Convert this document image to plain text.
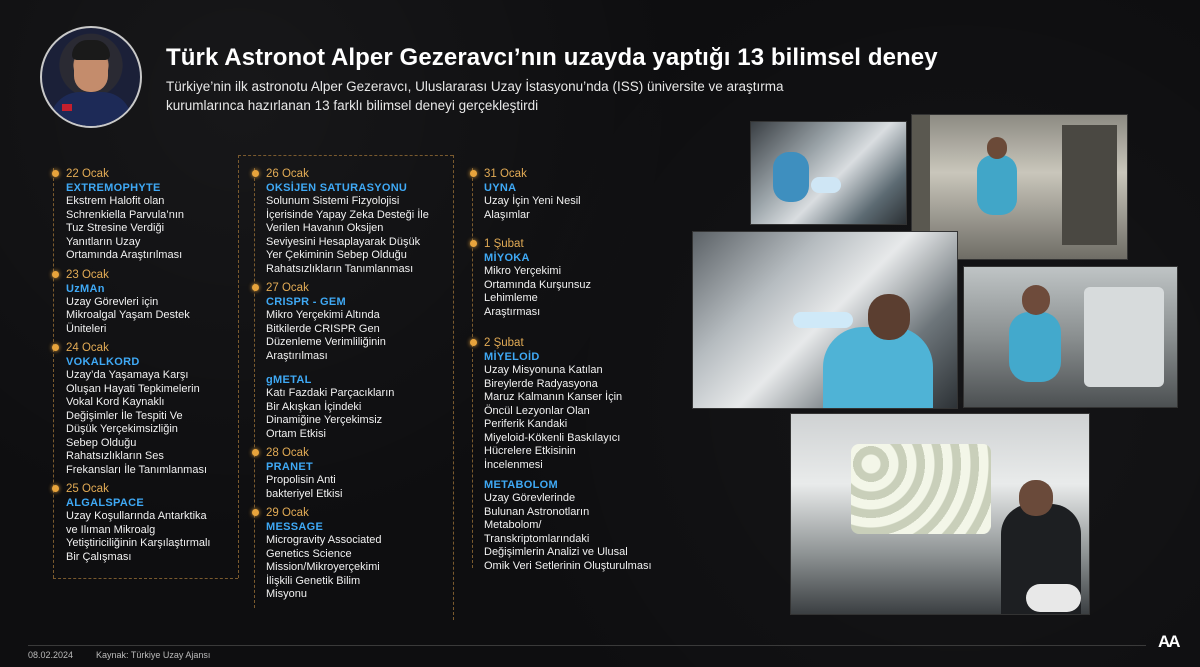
Türk Astronot Alper Gezeravcı’nın uzayda yaptığı 13 bilimsel deney
Türkiye’nin ilk astronotu Alper Gezeravcı, Uluslararası Uzay İstasyonu’nda (ISS) üniversite ve araştırma kurumlarınca hazırlanan 13 farklı bilimsel deneyi gerçekleştirdi
22 Ocak
EXTREMOPHYTE
Ekstrem Halofit olan
Schrenkiella Parvula’nın
Tuz Stresine Verdiği
Yanıtların Uzay
Ortamında Araştırılması
23 Ocak
UzMAn
Uzay Görevleri için
Mikroalgal Yaşam Destek
Üniteleri
24 Ocak
VOKALKORD
Uzay’da Yaşamaya Karşı
Oluşan Hayati Tepkimelerin
Vokal Kord Kaynaklı
Değişimler İle Tespiti Ve
Düşük Yerçekimsizliğin
Sebep Olduğu
Rahatsızlıkların Ses
Frekansları İle Tanımlanması
25 Ocak
ALGALSPACE
Uzay Koşullarında Antarktika
ve Ilıman Mikroalg
Yetiştiriciliğinin Karşılaştırmalı
Bir Çalışması
26 Ocak
OKSİJEN SATURASYONU
Solunum Sistemi Fizyolojisi
İçerisinde Yapay Zeka Desteği İle
Verilen Havanın Oksijen
Seviyesini Hesaplayarak Düşük
Yer Çekiminin Sebep Olduğu
Rahatsızlıkların Tanımlanması
27 Ocak
CRISPR - GEM
Mikro Yerçekimi Altında
Bitkilerde CRISPR Gen
Düzenleme Verimliliğinin
Araştırılması
gMETAL
Katı Fazdaki Parçacıkların
Bir Akışkan İçindeki
Dinamiğine Yerçekimsiz
Ortam Etkisi
28 Ocak
PRANET
Propolisin Anti
bakteriyel Etkisi
29 Ocak
MESSAGE
Microgravity Associated
Genetics Science
Mission/Mikroyerçekimi
İlişkili Genetik Bilim
Misyonu
31 Ocak
UYNA
Uzay İçin Yeni Nesil
Alaşımlar
1 Şubat
MİYOKA
Mikro Yerçekimi
Ortamında Kurşunsuz
Lehimleme
Araştırması
2 Şubat
MİYELOİD
Uzay Misyonuna Katılan
Bireylerde Radyasyona
Maruz Kalmanın Kanser İçin
Öncül Lezyonlar Olan
Periferik Kandaki
Miyeloid-Kökenli Baskılayıcı
Hücrelere Etkisinin
İncelenmesi
METABOLOM
Uzay Görevlerinde
Bulunan Astronotların
Metabolom/
Transkriptomlarındaki
Değişimlerin Analizi ve Ulusal
Omik Veri Setlerinin Oluşturulması
08.02.2024	Kaynak: Türkiye Uzay Ajansı
AA
